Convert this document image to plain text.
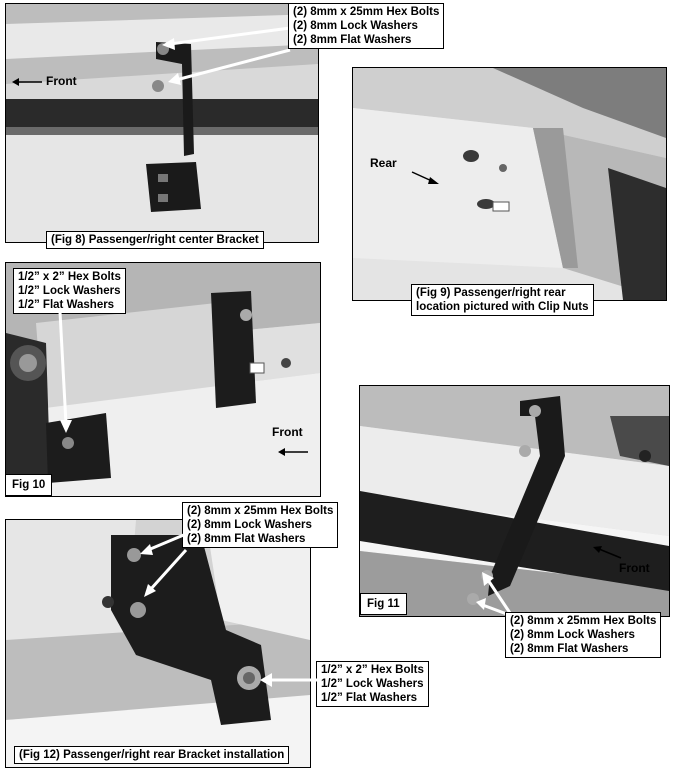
Front
(2) 8mm x 25mm Hex Bolts
(2) 8mm Lock Washers
(2) 8mm Flat Washers
(Fig 8) Passenger/right center Bracket
Rear
(Fig 9) Passenger/right rear
location pictured with Clip Nuts
1/2” x 2” Hex Bolts
1/2” Lock Washers
1/2” Flat Washers
Front
Fig 10
Front
Fig 11
(2) 8mm x 25mm Hex Bolts
(2) 8mm Lock Washers
(2) 8mm Flat Washers
(2) 8mm x 25mm Hex Bolts
(2) 8mm Lock Washers
(2) 8mm Flat Washers
1/2” x 2” Hex Bolts
1/2” Lock Washers
1/2” Flat Washers
(Fig 12) Passenger/right rear Bracket installation
